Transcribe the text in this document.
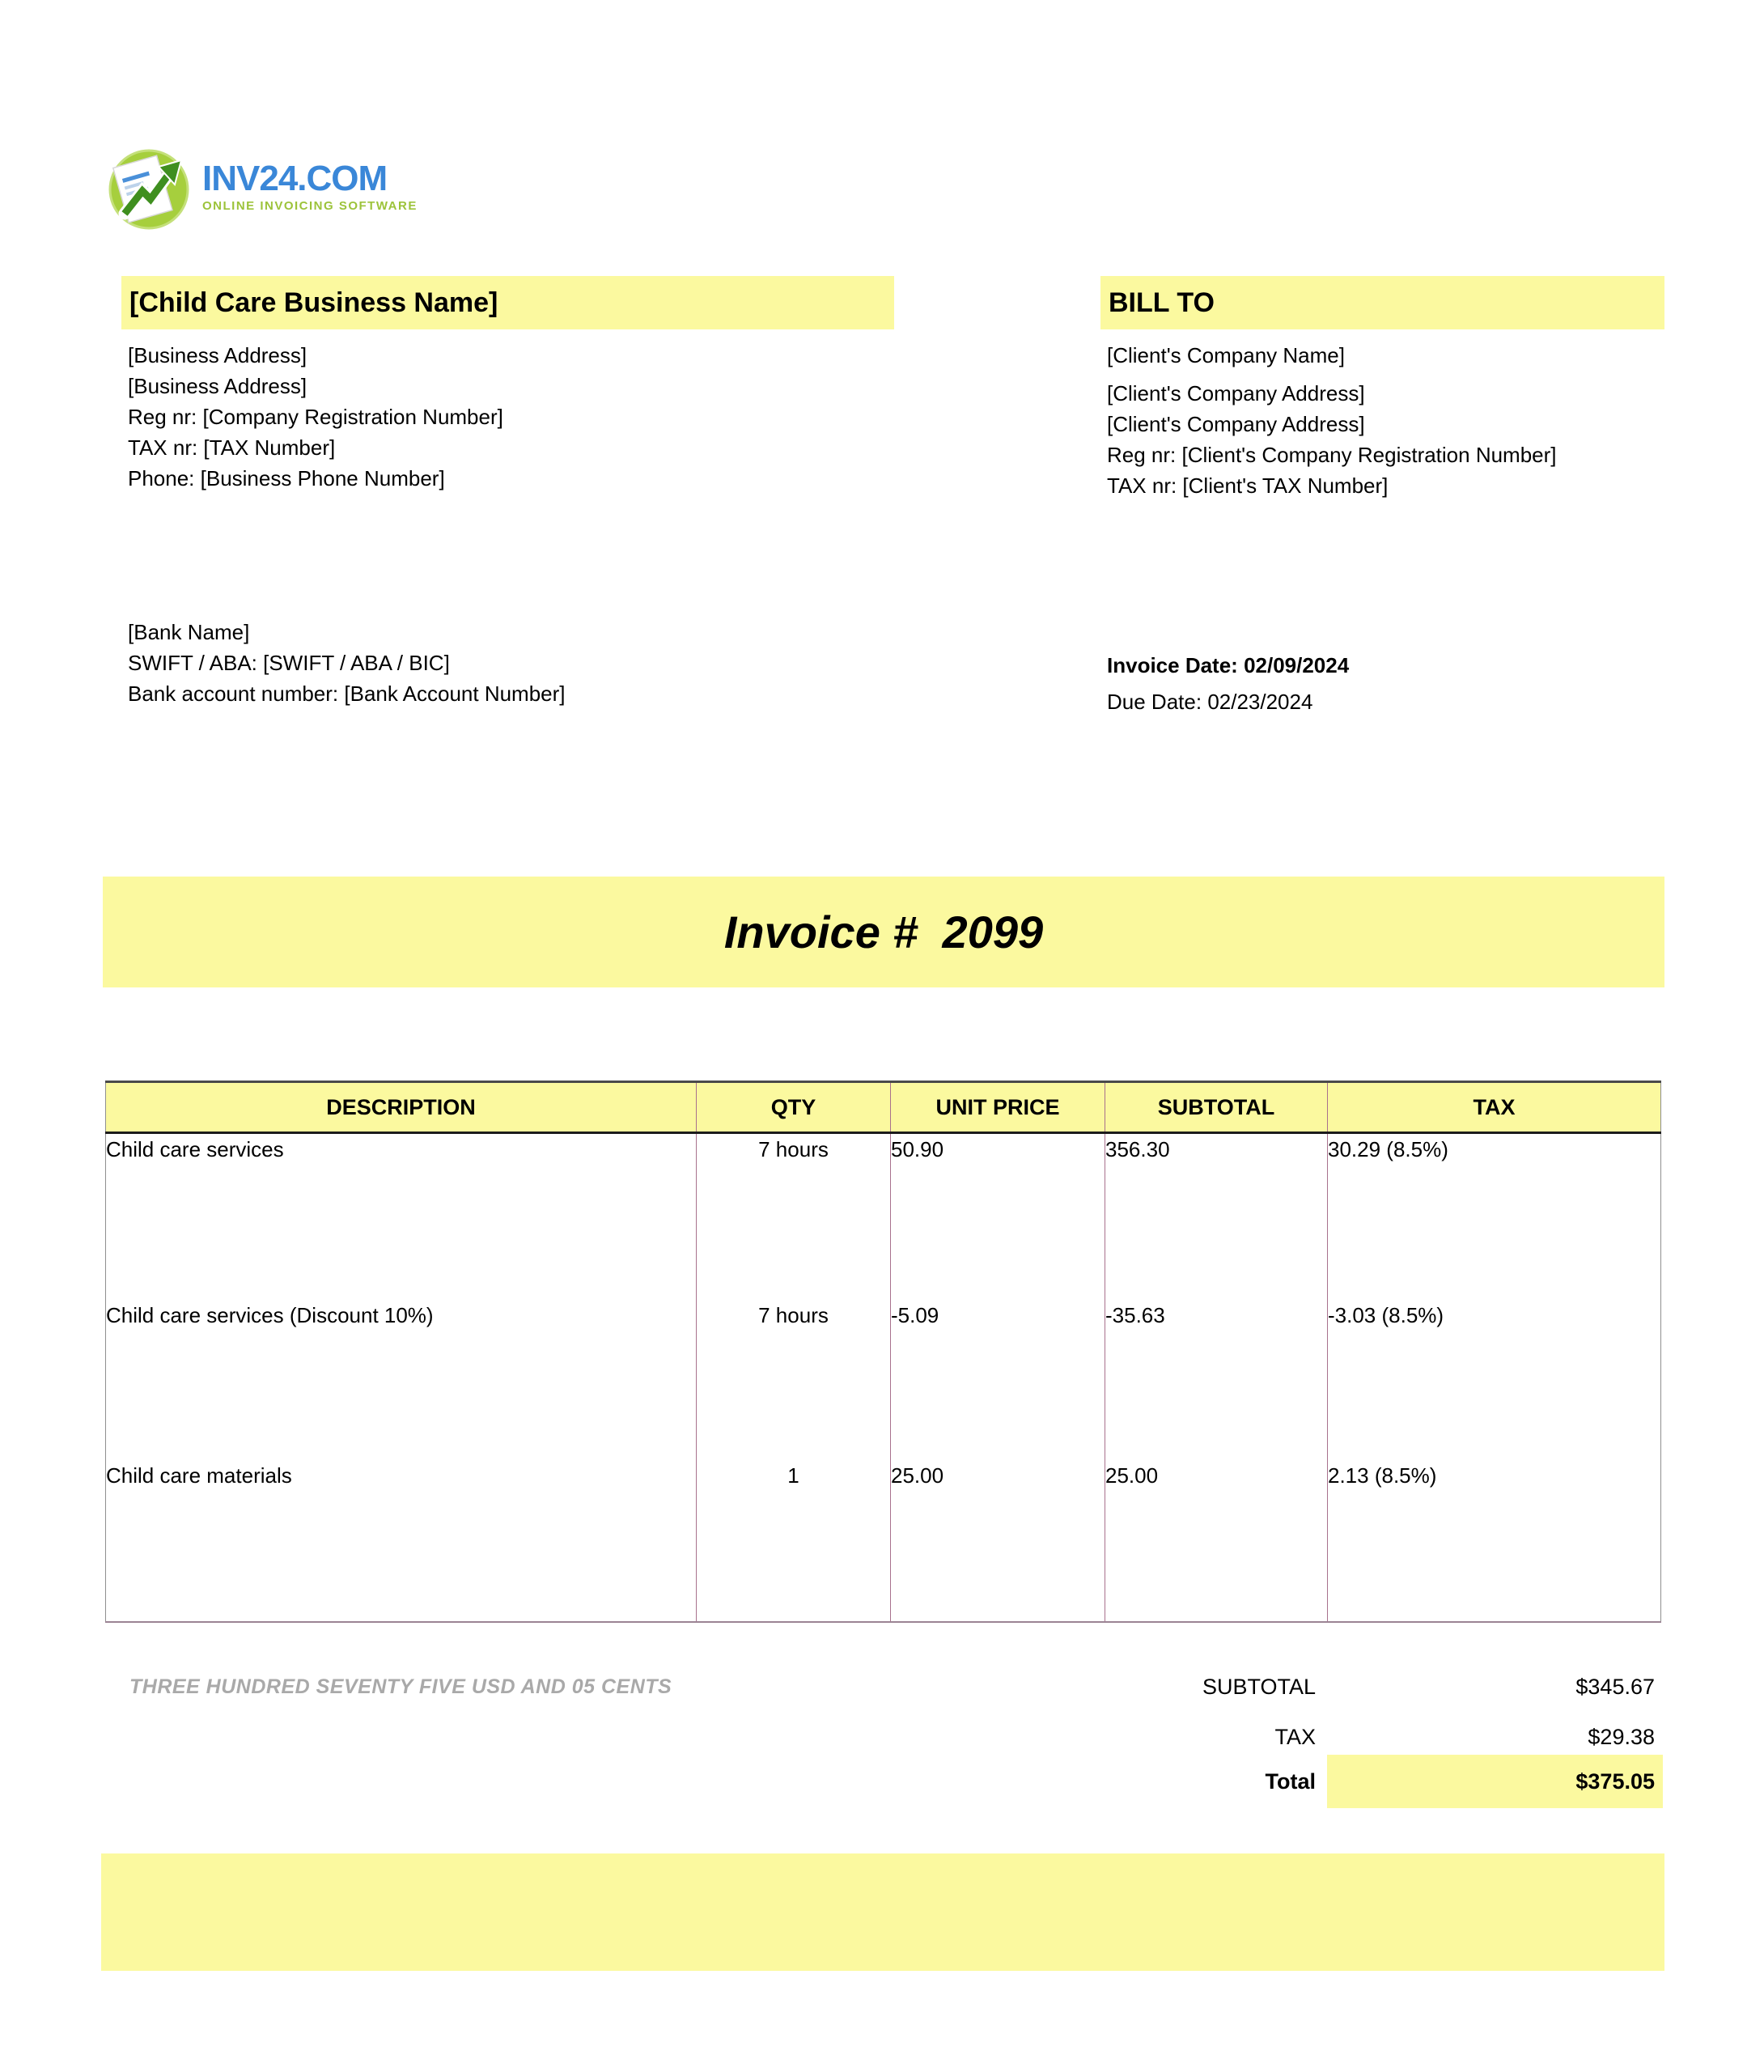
INV24.COM
ONLINE INVOICING SOFTWARE
[Child Care Business Name]
[Business Address]
[Business Address]
Reg nr: [Company Registration Number]
TAX nr: [TAX Number]
Phone: [Business Phone Number]
BILL TO
[Client's Company Name]
[Client's Company Address]
[Client's Company Address]
Reg nr: [Client's Company Registration Number]
TAX nr: [Client's TAX Number]
[Bank Name]
SWIFT / ABA: [SWIFT / ABA / BIC]
Bank account number: [Bank Account Number]
Invoice Date: 02/09/2024
Due Date: 02/23/2024
Invoice # 2099
DESCRIPTION	QTY	UNIT PRICE	SUBTOTAL	TAX
Child care services	7 hours	50.90	356.30	30.29 (8.5%)
Child care services (Discount 10%)	7 hours	-5.09	-35.63	-3.03 (8.5%)
Child care materials	1	25.00	25.00	2.13 (8.5%)

THREE HUNDRED SEVENTY FIVE USD AND 05 CENTS	SUBTOTAL	$345.67
TAX	$29.38
Total	$375.05
